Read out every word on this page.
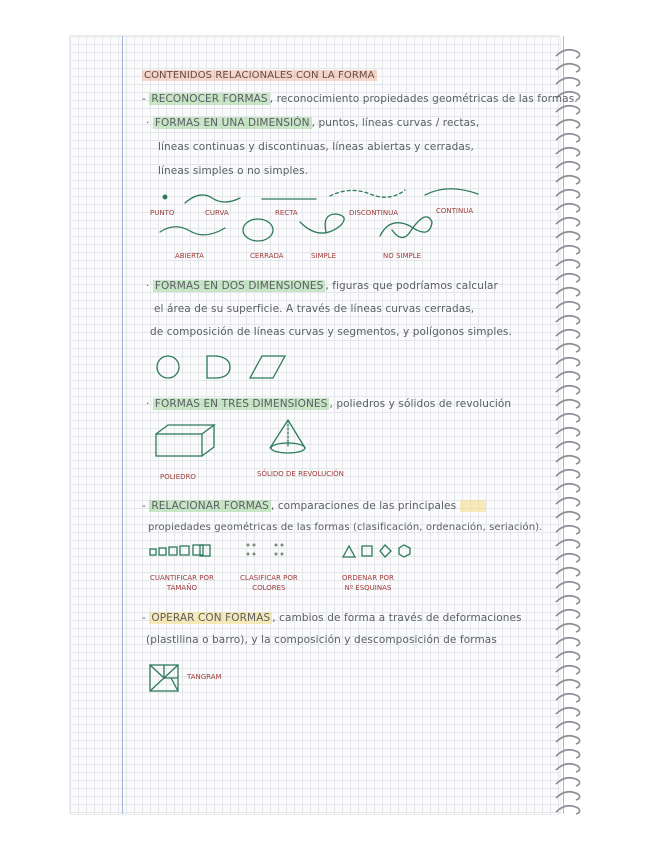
CONTENIDOS RELACIONALES CON LA FORMA
- RECONOCER FORMAS , reconocimiento propiedades geométricas de las formas.
· FORMAS EN UNA DIMENSIÓN , puntos, líneas curvas / rectas,
líneas continuas y discontinuas, líneas abiertas y cerradas,
líneas simples o no simples.
PUNTO	CURVA	RECTA	DISCONTINUA	CONTINUA
ABIERTA	CERRADA	SIMPLE	NO SIMPLE
· FORMAS EN DOS DIMENSIONES , figuras que podríamos calcular
el área de su superficie. A través de líneas curvas cerradas,
de composición de líneas curvas y segmentos, y polígonos simples.
· FORMAS EN TRES DIMENSIONES , poliedros y sólidos de revolución
POLIEDRO	SÓLIDO DE REVOLUCIÓN
- RELACIONAR FORMAS , comparaciones de las principales
propiedades geométricas de las formas (clasificación, ordenación, seriación).
CUANTIFICAR POR
TAMAÑO
CLASIFICAR POR
COLORES
ORDENAR POR
Nº ESQUINAS
- OPERAR CON FORMAS , cambios de forma a través de deformaciones
(plastilina o barro), y la composición y descomposición de formas
TANGRAM
